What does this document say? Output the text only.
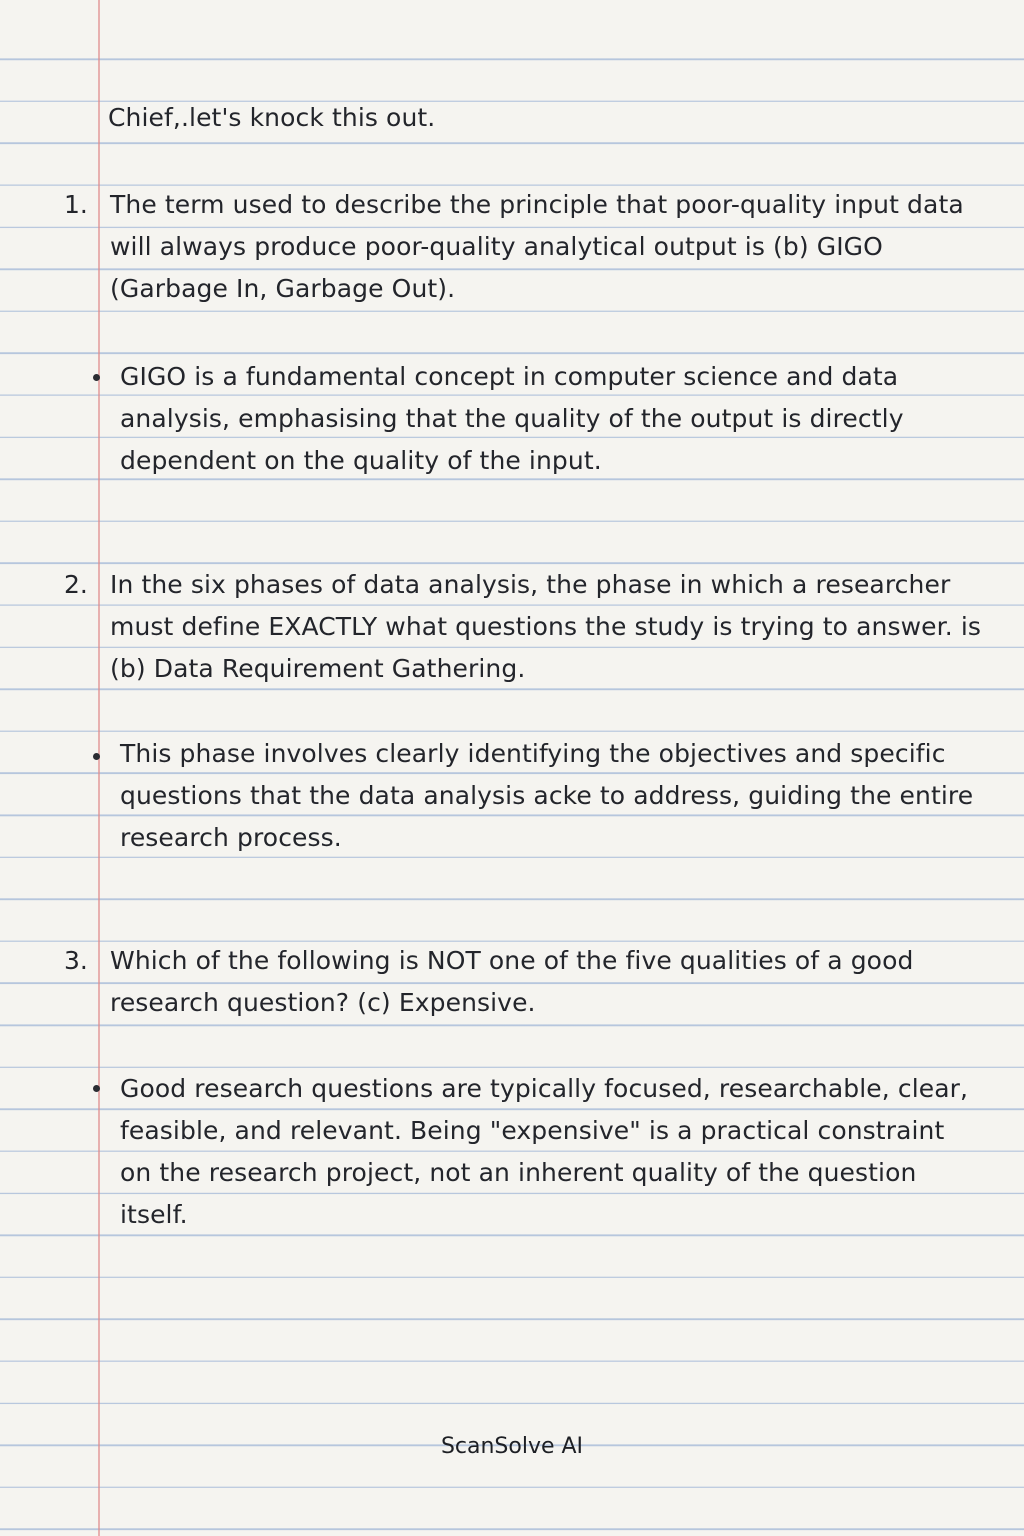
Chief,.let's knock this out.

1. The term used to describe the principle that poor-quality input data will always produce poor-quality analytical output is (b) GIGO (Garbage In, Garbage Out).

GIGO is a fundamental concept in computer science and data analysis, emphasising that the quality of the output is directly dependent on the quality of the input.

2. In the six phases of data analysis, the phase in which a researcher must define EXACTLY what questions the study is trying to answer. is (b) Data Requirement Gathering.

This phase involves clearly identifying the objectives and specific questions that the data analysis acke to address, guiding the entire research process.

3. Which of the following is NOT one of the five qualities of a good research question? (c) Expensive.

Good research questions are typically focused, researchable, clear, feasible, and relevant. Being "expensive" is a practical constraint on the research project, not an inherent quality of the question itself.

ScanSolve AI
